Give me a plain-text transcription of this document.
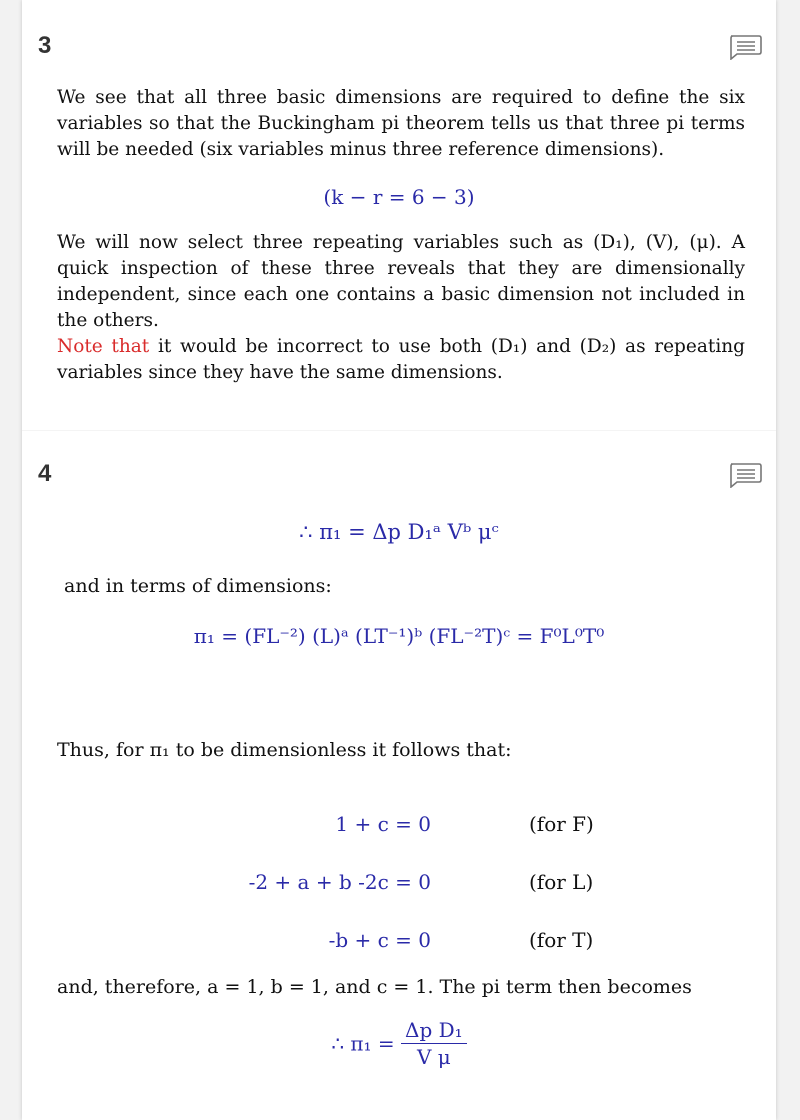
3
We see that all three basic dimensions are required to define the six variables so that the Buckingham pi theorem tells us that three pi terms will be needed (six variables minus three reference dimensions).
(k − r = 6 − 3)
We will now select three repeating variables such as (D₁), (V), (μ). A quick inspection of these three reveals that they are dimensionally independent, since each one contains a basic dimension not included in the others.
Note that it would be incorrect to use both (D₁) and (D₂) as repeating variables since they have the same dimensions.
4
∴ π₁ = Δp D₁ᵃ Vᵇ μᶜ
and in terms of dimensions:
π₁ = (FL⁻²) (L)ᵃ (LT⁻¹)ᵇ (FL⁻²T)ᶜ = F⁰L⁰T⁰
Thus, for π₁ to be dimensionless it follows that:
1 + c = 0	(for F)
-2 + a + b -2c = 0	(for L)
-b + c = 0	(for T)
and, therefore, a = 1, b = 1, and c = 1. The pi term then becomes
∴ $\pi_1 = \frac{\text{Δp D₁}}{\text{V μ}}$
